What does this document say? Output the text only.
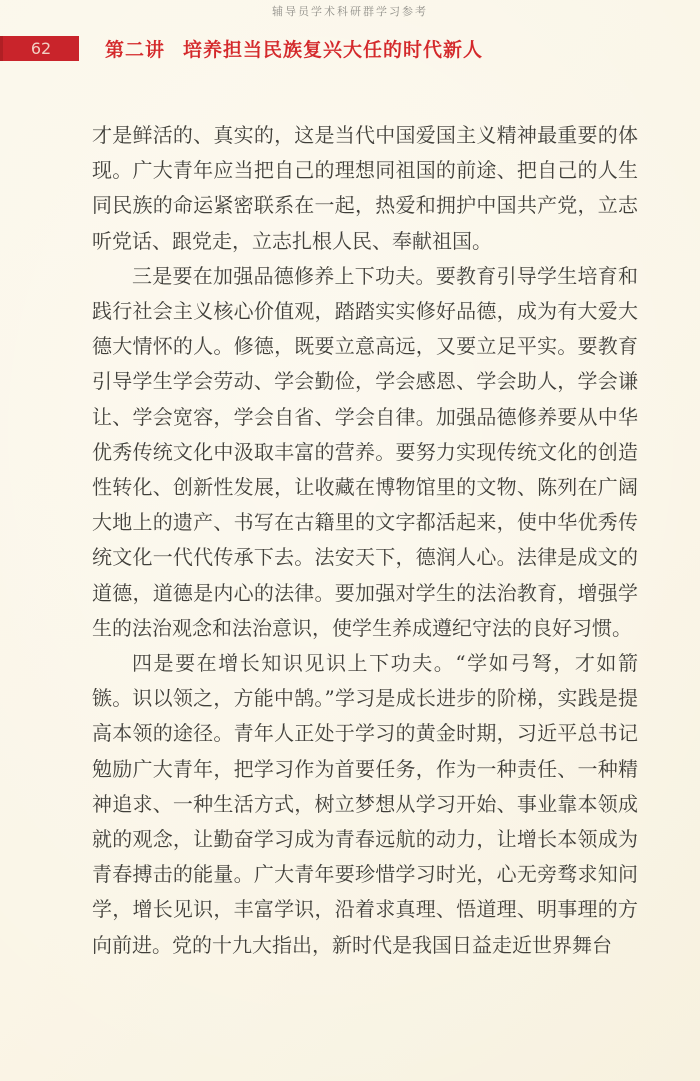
辅导员学术科研群学习参考
62	第二讲 培养担当民族复兴大任的时代新人

才是鲜活的、真实的，这是当代中国爱国主义精神最重要的体现。广大青年应当把自己的理想同祖国的前途、把自己的人生同民族的命运紧密联系在一起，热爱和拥护中国共产党，立志听党话、跟党走，立志扎根人民、奉献祖国。

三是要在加强品德修养上下功夫。要教育引导学生培育和践行社会主义核心价值观，踏踏实实修好品德，成为有大爱大德大情怀的人。修德，既要立意高远，又要立足平实。要教育引导学生学会劳动、学会勤俭，学会感恩、学会助人，学会谦让、学会宽容，学会自省、学会自律。加强品德修养要从中华优秀传统文化中汲取丰富的营养。要努力实现传统文化的创造性转化、创新性发展，让收藏在博物馆里的文物、陈列在广阔大地上的遗产、书写在古籍里的文字都活起来，使中华优秀传统文化一代代传承下去。法安天下，德润人心。法律是成文的道德，道德是内心的法律。要加强对学生的法治教育，增强学生的法治观念和法治意识，使学生养成遵纪守法的良好习惯。

四是要在增长知识见识上下功夫。“学如弓弩，才如箭镞。识以领之，方能中鹄。”学习是成长进步的阶梯，实践是提高本领的途径。青年人正处于学习的黄金时期，习近平总书记勉励广大青年，把学习作为首要任务，作为一种责任、一种精神追求、一种生活方式，树立梦想从学习开始、事业靠本领成就的观念，让勤奋学习成为青春远航的动力，让增长本领成为青春搏击的能量。广大青年要珍惜学习时光，心无旁骛求知问学，增长见识，丰富学识，沿着求真理、悟道理、明事理的方向前进。党的十九大指出，新时代是我国日益走近世界舞台
